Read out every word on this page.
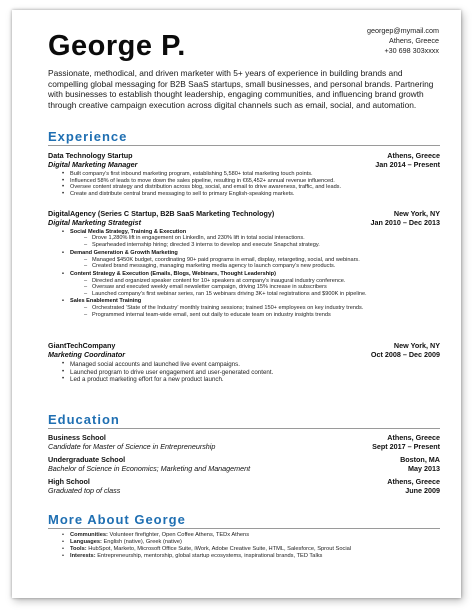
George P.	georgep@mymail.com
Athens, Greece
+30 698 303xxxx
Passionate, methodical, and driven marketer with 5+ years of experience in building brands and compelling global messaging for B2B SaaS startups, small businesses, and personal brands. Partnering with businesses to establish thought leadership, engaging communities, and influencing brand growth through creative campaign execution across digital channels such as email, social, and automation.
Experience
Data Technology Startup	Athens, Greece
Digital Marketing Manager	Jan 2014 – Present
• Built company’s first inbound marketing program, establishing 5,580+ total marketing touch points.
• Influenced 58% of leads to move down the sales pipeline, resulting in €65,452+ annual revenue influenced.
• Oversee content strategy and distribution across blog, social, and email to drive awareness, traffic, and leads.
• Create and distribute central brand messaging to sell to primary English-speaking markets.
DigitalAgency (Series C Startup, B2B SaaS Marketing Technology)	New York, NY
Digital Marketing Strategist	Jan 2010 – Dec 2013
• Social Media Strategy, Training & Execution
– Drove 1,280% lift in engagement on LinkedIn, and 230% lift in total social interactions.
– Spearheaded internship hiring; directed 3 interns to develop and execute Snapchat strategy.
• Demand Generation & Growth Marketing
– Managed $450K budget, coordinating 90+ paid programs in email, display, retargeting, social, and webinars.
– Created brand messaging, managing marketing media agency to launch company’s new products.
• Content Strategy & Execution (Emails, Blogs, Webinars, Thought Leadership)
– Directed and organized speaker content for 10+ speakers at company’s inaugural industry conference.
– Oversaw and executed weekly email newsletter campaign, driving 15% increase in subscribers
– Launched company’s first webinar series, ran 15 webinars driving 3K+ total registrations and $900K in pipeline.
• Sales Enablement Training
– Orchestrated ‘State of the Industry’ monthly training sessions; trained 150+ employees on key industry trends.
– Programmed internal team-wide email, sent out daily to educate team on industry insights trends
GiantTechCompany	New York, NY
Marketing Coordinator	Oct 2008 – Dec 2009
• Managed social accounts and launched live event campaigns.
• Launched program to drive user engagement and user-generated content.
• Led a product marketing effort for a new product launch.
Education
Business School	Athens, Greece
Candidate for Master of Science in Entrepreneurship	Sept 2017 – Present
Undergraduate School	Boston, MA
Bachelor of Science in Economics; Marketing and Management	May 2013
High School	Athens, Greece
Graduated top of class	June 2009
More About George
• Communities: Volunteer firefighter, Open Coffee Athens, TEDx Athens
• Languages: English (native), Greek (native)
• Tools: HubSpot, Marketo, Microsoft Office Suite, iWork, Adobe Creative Suite, HTML, Salesforce, Sprout Social
• Interests: Entrepreneurship, mentorship, global startup ecosystems, inspirational brands, TED Talks
